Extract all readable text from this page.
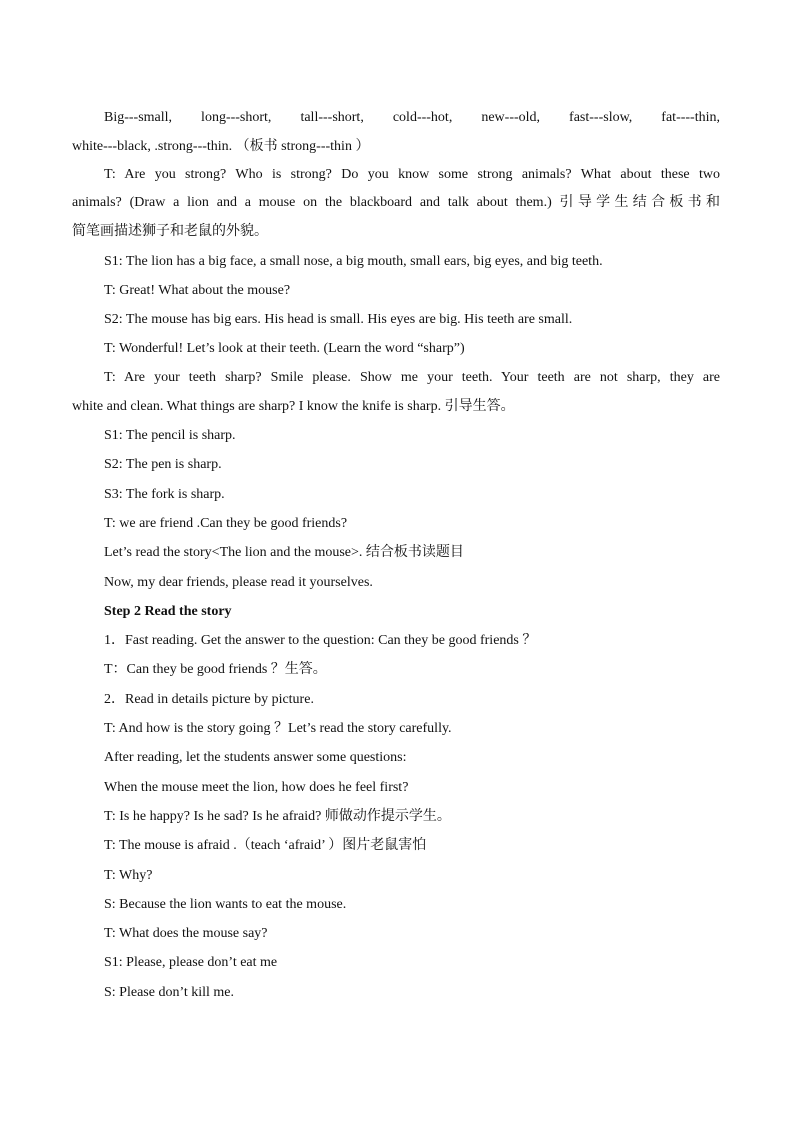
Big---small, long---short, tall---short, cold---hot, new---old, fast---slow, fat----thin,

white---black, .strong---thin. （板书 strong---thin ）

T: Are you strong? Who is strong? Do you know some strong animals? What about these two

animals? (Draw a lion and a mouse on the blackboard and talk about them.) 引导学生结合板书和

简笔画描述狮子和老鼠的外貌。

S1: The lion has a big face, a small nose, a big mouth, small ears, big eyes, and big teeth.

T: Great! What about the mouse?

S2: The mouse has big ears. His head is small. His eyes are big. His teeth are small.

T: Wonderful! Let’s look at their teeth. (Learn the word “sharp”)

T: Are your teeth sharp? Smile please. Show me your teeth. Your teeth are not sharp, they are

white and clean. What things are sharp? I know the knife is sharp. 引导生答。

S1: The pencil is sharp.

S2: The pen is sharp.

S3: The fork is sharp.

T: we are friend .Can they be good friends?

Let’s read the story<The lion and the mouse>. 结合板书读题目

Now, my dear friends, please read it yourselves.

Step 2 Read the story

1．Fast reading. Get the answer to the question: Can they be good friends ？

T：Can they be good friends ？生答。

2．Read in details picture by picture.

T: And how is the story going ？Let’s read the story carefully.

After reading, let the students answer some questions:

When the mouse meet the lion, how does he feel first?

T: Is he happy? Is he sad? Is he afraid? 师做动作提示学生。

T: The mouse is afraid .（teach ‘afraid’ ）图片老鼠害怕

T: Why?

S: Because the lion wants to eat the mouse.

T: What does the mouse say?

S1: Please, please don’t eat me

S: Please don’t kill me.
